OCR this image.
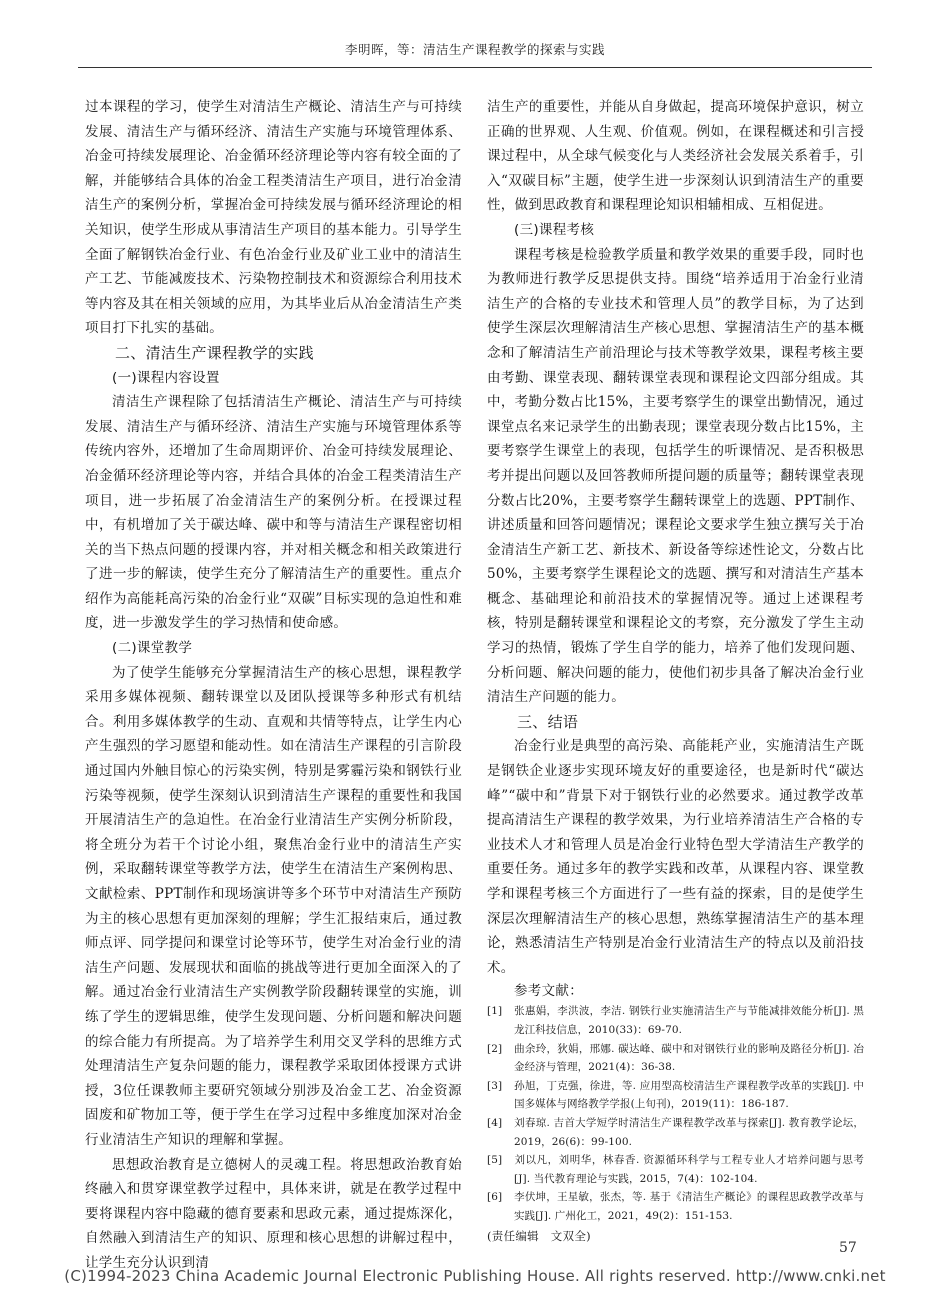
李明晖，等：清洁生产课程教学的探索与实践

过本课程的学习，使学生对清洁生产概论、清洁生产与可持续发展、清洁生产与循环经济、清洁生产实施与环境管理体系、冶金可持续发展理论、冶金循环经济理论等内容有较全面的了解，并能够结合具体的冶金工程类清洁生产项目，进行冶金清洁生产的案例分析，掌握冶金可持续发展与循环经济理论的相关知识，使学生形成从事清洁生产项目的基本能力。引导学生全面了解钢铁冶金行业、有色冶金行业及矿业工业中的清洁生产工艺、节能减废技术、污染物控制技术和资源综合利用技术等内容及其在相关领域的应用，为其毕业后从冶金清洁生产类项目打下扎实的基础。

二、清洁生产课程教学的实践
(一)课程内容设置

清洁生产课程除了包括清洁生产概论、清洁生产与可持续发展、清洁生产与循环经济、清洁生产实施与环境管理体系等传统内容外，还增加了生命周期评价、冶金可持续发展理论、冶金循环经济理论等内容，并结合具体的冶金工程类清洁生产项目，进一步拓展了冶金清洁生产的案例分析。在授课过程中，有机增加了关于碳达峰、碳中和等与清洁生产课程密切相关的当下热点问题的授课内容，并对相关概念和相关政策进行了进一步的解读，使学生充分了解清洁生产的重要性。重点介绍作为高能耗高污染的冶金行业“双碳”目标实现的急迫性和难度，进一步激发学生的学习热情和使命感。

(二)课堂教学

为了使学生能够充分掌握清洁生产的核心思想，课程教学采用多媒体视频、翻转课堂以及团队授课等多种形式有机结合。利用多媒体教学的生动、直观和共情等特点，让学生内心产生强烈的学习愿望和能动性。如在清洁生产课程的引言阶段通过国内外触目惊心的污染实例，特别是雾霾污染和钢铁行业污染等视频，使学生深刻认识到清洁生产课程的重要性和我国开展清洁生产的急迫性。在冶金行业清洁生产实例分析阶段，将全班分为若干个讨论小组，聚焦冶金行业中的清洁生产实例，采取翻转课堂等教学方法，使学生在清洁生产案例构思、文献检索、PPT制作和现场演讲等多个环节中对清洁生产预防为主的核心思想有更加深刻的理解；学生汇报结束后，通过教师点评、同学提问和课堂讨论等环节，使学生对冶金行业的清洁生产问题、发展现状和面临的挑战等进行更加全面深入的了解。通过冶金行业清洁生产实例教学阶段翻转课堂的实施，训练了学生的逻辑思维，使学生发现问题、分析问题和解决问题的综合能力有所提高。为了培养学生利用交叉学科的思维方式处理清洁生产复杂问题的能力，课程教学采取团体授课方式讲授，3位任课教师主要研究领域分别涉及冶金工艺、冶金资源固废和矿物加工等，便于学生在学习过程中多维度加深对冶金行业清洁生产知识的理解和掌握。

思想政治教育是立德树人的灵魂工程。将思想政治教育始终融入和贯穿课堂教学过程中，具体来讲，就是在教学过程中要将课程内容中隐藏的德育要素和思政元素，通过提炼深化，自然融入到清洁生产的知识、原理和核心思想的讲解过程中，让学生充分认识到清

洁生产的重要性，并能从自身做起，提高环境保护意识，树立正确的世界观、人生观、价值观。例如，在课程概述和引言授课过程中，从全球气候变化与人类经济社会发展关系着手，引入“双碳目标”主题，使学生进一步深刻认识到清洁生产的重要性，做到思政教育和课程理论知识相辅相成、互相促进。

(三)课程考核

课程考核是检验教学质量和教学效果的重要手段，同时也为教师进行教学反思提供支持。围绕“培养适用于冶金行业清洁生产的合格的专业技术和管理人员”的教学目标，为了达到使学生深层次理解清洁生产核心思想、掌握清洁生产的基本概念和了解清洁生产前沿理论与技术等教学效果，课程考核主要由考勤、课堂表现、翻转课堂表现和课程论文四部分组成。其中，考勤分数占比15%，主要考察学生的课堂出勤情况，通过课堂点名来记录学生的出勤表现；课堂表现分数占比15%，主要考察学生课堂上的表现，包括学生的听课情况、是否积极思考并提出问题以及回答教师所提问题的质量等；翻转课堂表现分数占比20%，主要考察学生翻转课堂上的选题、PPT制作、讲述质量和回答问题情况；课程论文要求学生独立撰写关于冶金清洁生产新工艺、新技术、新设备等综述性论文，分数占比50%，主要考察学生课程论文的选题、撰写和对清洁生产基本概念、基础理论和前沿技术的掌握情况等。通过上述课程考核，特别是翻转课堂和课程论文的考察，充分激发了学生主动学习的热情，锻炼了学生自学的能力，培养了他们发现问题、分析问题、解决问题的能力，使他们初步具备了解决冶金行业清洁生产问题的能力。

三、结语

冶金行业是典型的高污染、高能耗产业，实施清洁生产既是钢铁企业逐步实现环境友好的重要途径，也是新时代“碳达峰”“碳中和”背景下对于钢铁行业的必然要求。通过教学改革提高清洁生产课程的教学效果，为行业培养清洁生产合格的专业技术人才和管理人员是冶金行业特色型大学清洁生产教学的重要任务。通过多年的教学实践和改革，从课程内容、课堂教学和课程考核三个方面进行了一些有益的探索，目的是使学生深层次理解清洁生产的核心思想，熟练掌握清洁生产的基本理论，熟悉清洁生产特别是冶金行业清洁生产的特点以及前沿技术。

参考文献：

[1] 张惠娟，李洪波，李洁. 钢铁行业实施清洁生产与节能减排效能分析[J]. 黑龙江科技信息，2010(33)：69-70.

[2] 曲余玲，狄娟，邢娜. 碳达峰、碳中和对钢铁行业的影响及路径分析[J]. 冶金经济与管理，2021(4)：36-38.

[3] 孙旭，丁克强，徐进，等. 应用型高校清洁生产课程教学改革的实践[J]. 中国多媒体与网络教学学报(上旬刊)，2019(11)：186-187.

[4] 刘春琼. 吉首大学短学时清洁生产课程教学改革与探索[J]. 教育教学论坛，2019，26(6)：99-100.

[5] 刘以凡，刘明华，林春香. 资源循环科学与工程专业人才培养问题与思考[J]. 当代教育理论与实践，2015，7(4)：102-104.

[6] 李伏坤，王星敏，张杰，等. 基于《清洁生产概论》的课程思政教学改革与实践[J]. 广州化工，2021，49(2)：151-153.

(责任编辑　文双全)

57
(C)1994-2023 China Academic Journal Electronic Publishing House. All rights reserved. http://www.cnki.net
